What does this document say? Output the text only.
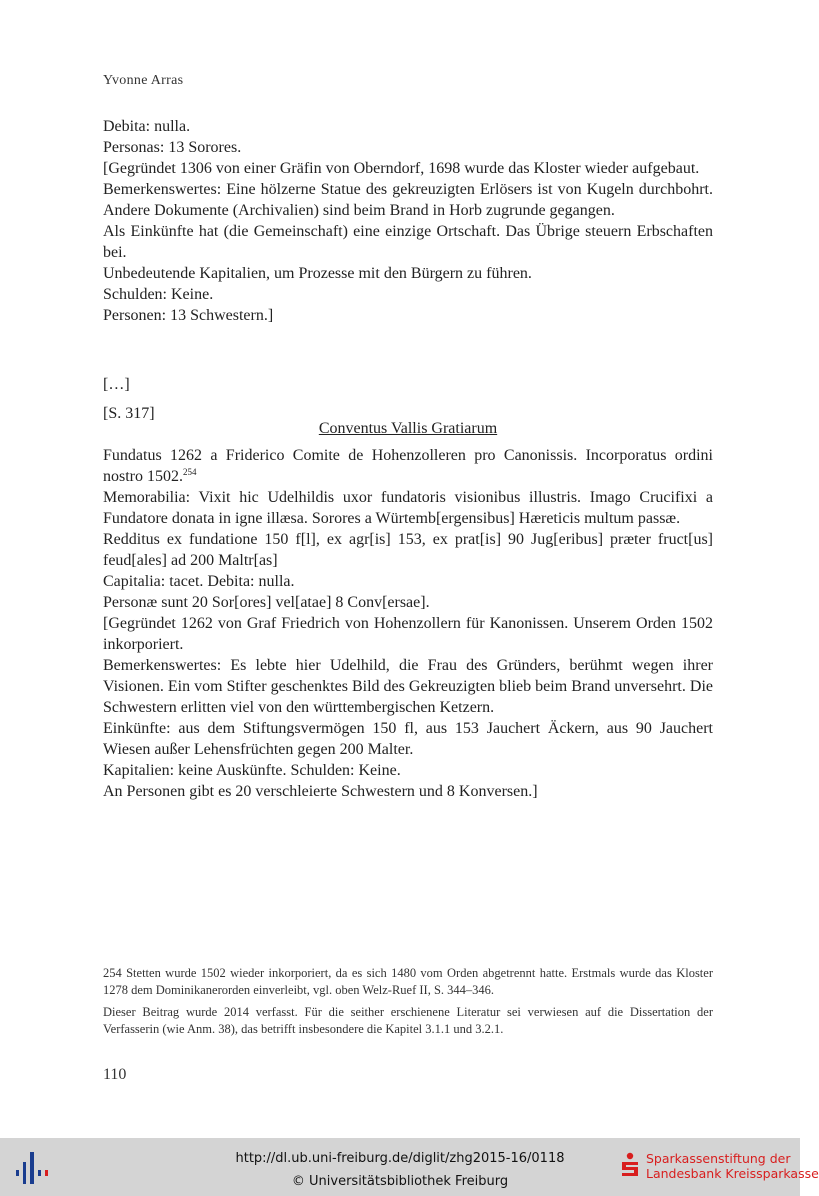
Yvonne Arras

Debita: nulla.

Personas: 13 Sorores.

[Gegründet 1306 von einer Gräfin von Oberndorf, 1698 wurde das Kloster wieder aufgebaut.

Bemerkenswertes: Eine hölzerne Statue des gekreuzigten Erlösers ist von Kugeln durchbohrt. Andere Dokumente (Archivalien) sind beim Brand in Horb zugrunde gegangen.

Als Einkünfte hat (die Gemeinschaft) eine einzige Ortschaft. Das Übrige steuern Erbschaften bei.

Unbedeutende Kapitalien, um Prozesse mit den Bürgern zu führen.

Schulden: Keine.

Personen: 13 Schwestern.]

[…]
[S. 317]
Conventus Vallis Gratiarum

Fundatus 1262 a Friderico Comite de Hohenzolleren pro Canonissis. Incorporatus ordini nostro 1502.$^{254}$

Memorabilia: Vixit hic Udelhildis uxor fundatoris visionibus illustris. Imago Crucifixi a Fundatore donata in igne illæsa. Sorores a Würtemb[ergensibus] Hæreticis multum passæ.

Redditus ex fundatione 150 f[l], ex agr[is] 153, ex prat[is] 90 Jug[eribus] præter fruct[us] feud[ales] ad 200 Maltr[as]

Capitalia: tacet. Debita: nulla.

Personæ sunt 20 Sor[ores] vel[atae] 8 Conv[ersae].

[Gegründet 1262 von Graf Friedrich von Hohenzollern für Kanonissen. Unserem Orden 1502 inkorporiert.

Bemerkenswertes: Es lebte hier Udelhild, die Frau des Gründers, berühmt wegen ihrer Visionen. Ein vom Stifter geschenktes Bild des Gekreuzigten blieb beim Brand unversehrt. Die Schwestern erlitten viel von den württembergischen Ketzern.

Einkünfte: aus dem Stiftungsvermögen 150 fl, aus 153 Jauchert Äckern, aus 90 Jauchert Wiesen außer Lehensfrüchten gegen 200 Malter.

Kapitalien: keine Auskünfte. Schulden: Keine.

An Personen gibt es 20 verschleierte Schwestern und 8 Konversen.]

254 Stetten wurde 1502 wieder inkorporiert, da es sich 1480 vom Orden abgetrennt hatte. Erstmals wurde das Kloster 1278 dem Dominikanerorden einverleibt, vgl. oben Welz-Ruef II, S. 344–346.

Dieser Beitrag wurde 2014 verfasst. Für die seither erschienene Literatur sei verwiesen auf die Dissertation der Verfasserin (wie Anm. 38), das betrifft insbesondere die Kapitel 3.1.1 und 3.2.1.

110
http://dl.ub.uni-freiburg.de/diglit/zhg2015-16/0118
© Universitätsbibliothek Freiburg
Sparkassenstiftung der
Landesbank Kreissparkasse
